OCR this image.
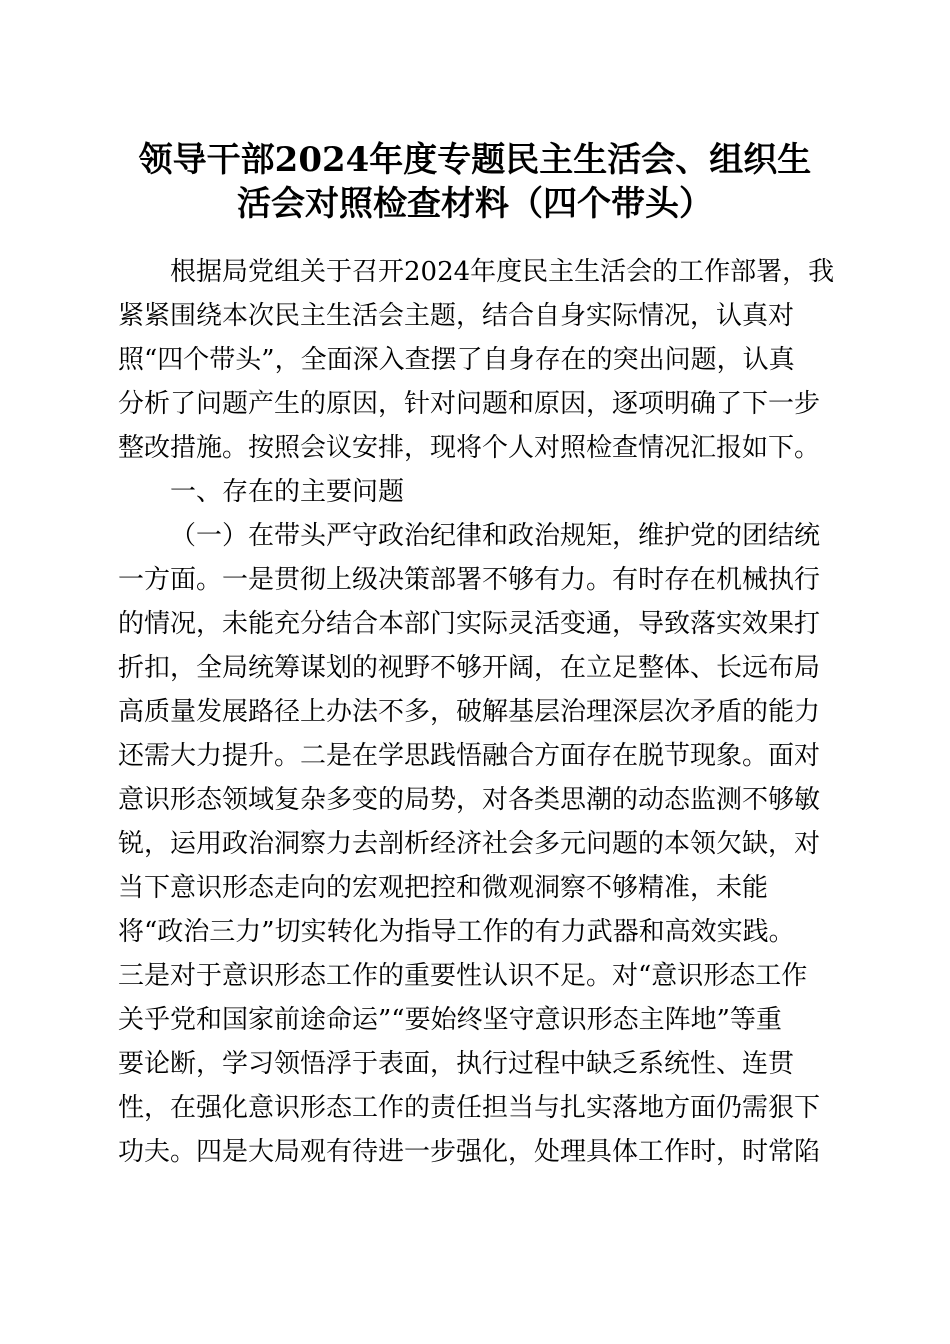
领导干部2024年度专题民主生活会、组织生
活会对照检查材料（四个带头）

根据局党组关于召开2024年度民主生活会的工作部署，我

紧紧围绕本次民主生活会主题，结合自身实际情况，认真对

照“四个带头”，全面深入查摆了自身存在的突出问题，认真

分析了问题产生的原因，针对问题和原因，逐项明确了下一步

整改措施。按照会议安排，现将个人对照检查情况汇报如下。

一、存在的主要问题

（一）在带头严守政治纪律和政治规矩，维护党的团结统

一方面。一是贯彻上级决策部署不够有力。有时存在机械执行

的情况，未能充分结合本部门实际灵活变通，导致落实效果打

折扣，全局统筹谋划的视野不够开阔，在立足整体、长远布局

高质量发展路径上办法不多，破解基层治理深层次矛盾的能力

还需大力提升。二是在学思践悟融合方面存在脱节现象。面对

意识形态领域复杂多变的局势，对各类思潮的动态监测不够敏

锐，运用政治洞察力去剖析经济社会多元问题的本领欠缺，对

当下意识形态走向的宏观把控和微观洞察不够精准，未能

将“政治三力”切实转化为指导工作的有力武器和高效实践。

三是对于意识形态工作的重要性认识不足。对“意识形态工作

关乎党和国家前途命运”“要始终坚守意识形态主阵地”等重

要论断，学习领悟浮于表面，执行过程中缺乏系统性、连贯

性，在强化意识形态工作的责任担当与扎实落地方面仍需狠下

功夫。四是大局观有待进一步强化，处理具体工作时，时常陷
